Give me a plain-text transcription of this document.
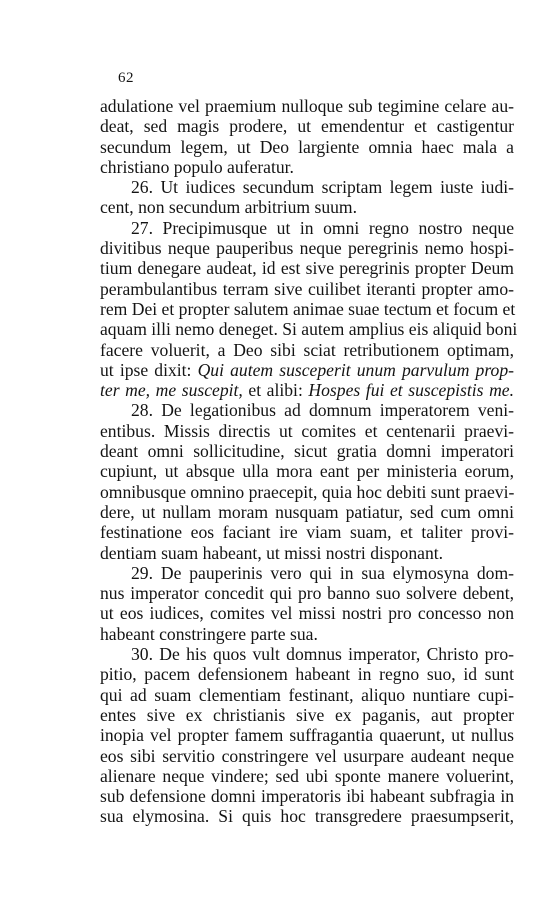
62
adulatione vel praemium nulloque sub tegimine celare au-
deat, sed magis prodere, ut emendentur et castigentur
secundum legem, ut Deo largiente omnia haec mala a
christiano populo auferatur.
26. Ut iudices secundum scriptam legem iuste iudi-
cent, non secundum arbitrium suum.
27. Precipimusque ut in omni regno nostro neque
divitibus neque pauperibus neque peregrinis nemo hospi-
tium denegare audeat, id est sive peregrinis propter Deum
perambulantibus terram sive cuilibet iteranti propter amo-
rem Dei et propter salutem animae suae tectum et focum et
aquam illi nemo deneget. Si autem amplius eis aliquid boni
facere voluerit, a Deo sibi sciat retributionem optimam,
ut ipse dixit: Qui autem susceperit unum parvulum prop-
ter me, me suscepit, et alibi: Hospes fui et suscepistis me.
28. De legationibus ad domnum imperatorem veni-
entibus. Missis directis ut comites et centenarii praevi-
deant omni sollicitudine, sicut gratia domni imperatori
cupiunt, ut absque ulla mora eant per ministeria eorum,
omnibusque omnino praecepit, quia hoc debiti sunt praevi-
dere, ut nullam moram nusquam patiatur, sed cum omni
festinatione eos faciant ire viam suam, et taliter provi-
dentiam suam habeant, ut missi nostri disponant.
29. De pauperinis vero qui in sua elymosyna dom-
nus imperator concedit qui pro banno suo solvere debent,
ut eos iudices, comites vel missi nostri pro concesso non
habeant constringere parte sua.
30. De his quos vult domnus imperator, Christo pro-
pitio, pacem defensionem habeant in regno suo, id sunt
qui ad suam clementiam festinant, aliquo nuntiare cupi-
entes sive ex christianis sive ex paganis, aut propter
inopia vel propter famem suffragantia quaerunt, ut nullus
eos sibi servitio constringere vel usurpare audeant neque
alienare neque vindere; sed ubi sponte manere voluerint,
sub defensione domni imperatoris ibi habeant subfragia in
sua elymosina. Si quis hoc transgredere praesumpserit,
